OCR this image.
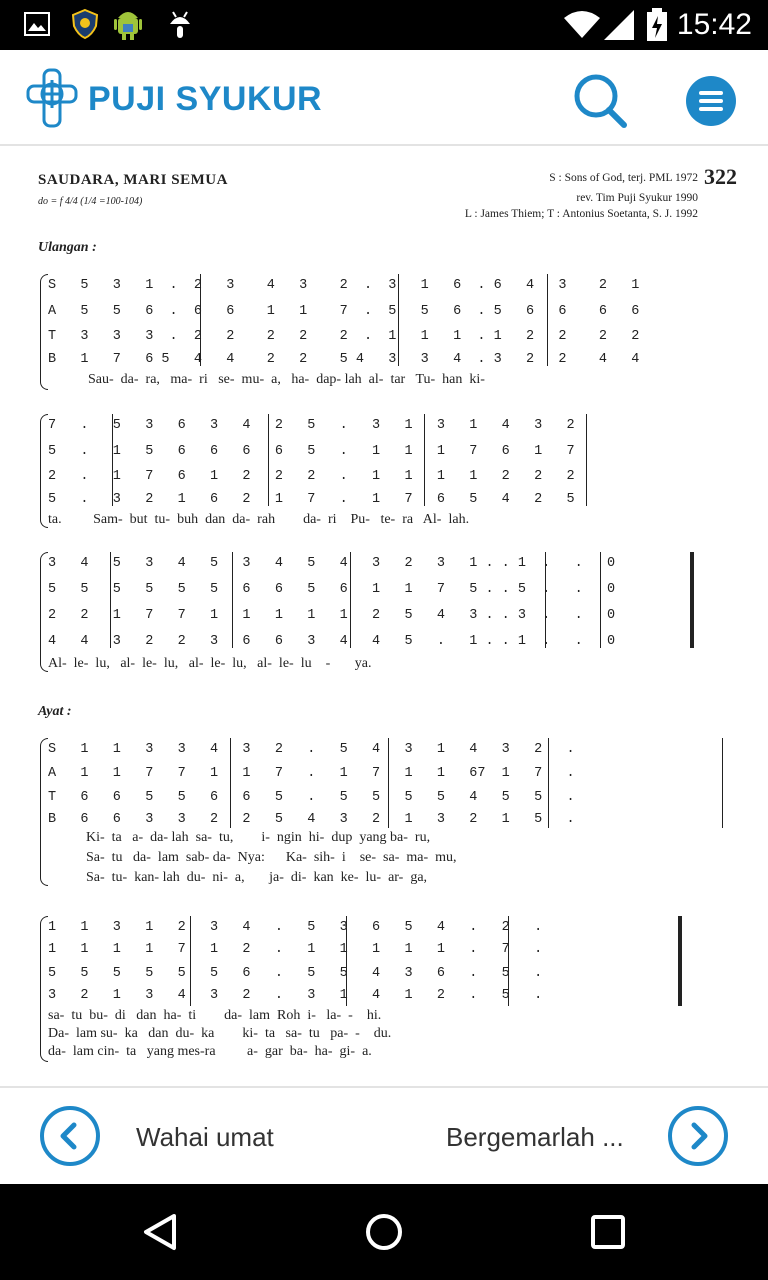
15:42
PUJI SYUKUR
SAUDARA, MARI SEMUA
do = f 4/4 (1/4 =100-104)
S : Sons of God, terj. PML 1972
rev. Tim Puji Syukur 1990
L : James Thiem; T : Antonius Soetanta, S. J. 1992
322
Ulangan :
S   5   3   1  .  2   3    4   3    2  .  3   1   6  . 6   4   3    2   1
A   5   5   6  .  6   6    1   1    7  .  5   5   6  . 5   6   6    6   6
T   3   3   3  .  2   2    2   2    2  .  1   1   1  . 1   2   2    2   2
B   1   7   6 5   4   4    2   2    5 4   3   3   4  . 3   2   2    4   4
Sau-  da-  ra,   ma-  ri   se-  mu-  a,   ha-  dap- lah  al-  tar   Tu-  han  ki-
7   .   5   3   6   3   4   2   5   .   3   1   3   1   4   3   2
5   .   1   5   6   6   6   6   5   .   1   1   1   7   6   1   7
2   .   1   7   6   1   2   2   2   .   1   1   1   1   2   2   2
5   .   3   2   1   6   2   1   7   .   1   7   6   5   4   2   5
ta.         Sam-  but  tu-  buh  dan  da-  rah        da-  ri    Pu-   te-  ra   Al-  lah.
3   4   5   3   4   5   3   4   5   4   3   2   3   1 . . 1  .   .   0
5   5   5   5   5   5   6   6   5   6   1   1   7   5 . . 5  .   .   0
2   2   1   7   7   1   1   1   1   1   2   5   4   3 . . 3  .   .   0
4   4   3   2   2   3   6   6   3   4   4   5   .   1 . . 1  .   .   0
Al-  le-  lu,   al-  le-  lu,   al-  le-  lu,   al-  le-  lu    -       ya.
Ayat :
S   1   1   3   3   4   3   2   .   5   4   3   1   4   3   2   .
A   1   1   7   7   1   1   7   .   1   7   1   1   67  1   7   .
T   6   6   5   5   6   6   5   .   5   5   5   5   4   5   5   .
B   6   6   3   3   2   2   5   4   3   2   1   3   2   1   5   .
Ki-  ta   a-  da- lah  sa-  tu,        i-  ngin  hi-  dup  yang ba-  ru,
Sa-  tu   da-  lam  sab- da-  Nya:      Ka-  sih-  i    se-  sa-  ma-  mu,
Sa-  tu-  kan- lah  du-  ni-  a,       ja-  di-  kan  ke-  lu-  ar-  ga,
1   1   3   1   2   3   4   .   5   3   6   5   4   .   2   .
1   1   1   1   7   1   2   .   1   1   1   1   1   .   7   .
5   5   5   5   5   5   6   .   5   5   4   3   6   .   5   .
3   2   1   3   4   3   2   .   3   1   4   1   2   .   5   .
sa-  tu  bu-  di   dan  ha-  ti        da-  lam  Roh  i-   la-  -    hi.
Da-  lam su-  ka   dan  du-  ka        ki-  ta   sa-  tu   pa-  -    du.
da-  lam cin-  ta   yang mes-ra         a-  gar  ba-  ha-  gi-  a.
Wahai umat	Bergemarlah ...
